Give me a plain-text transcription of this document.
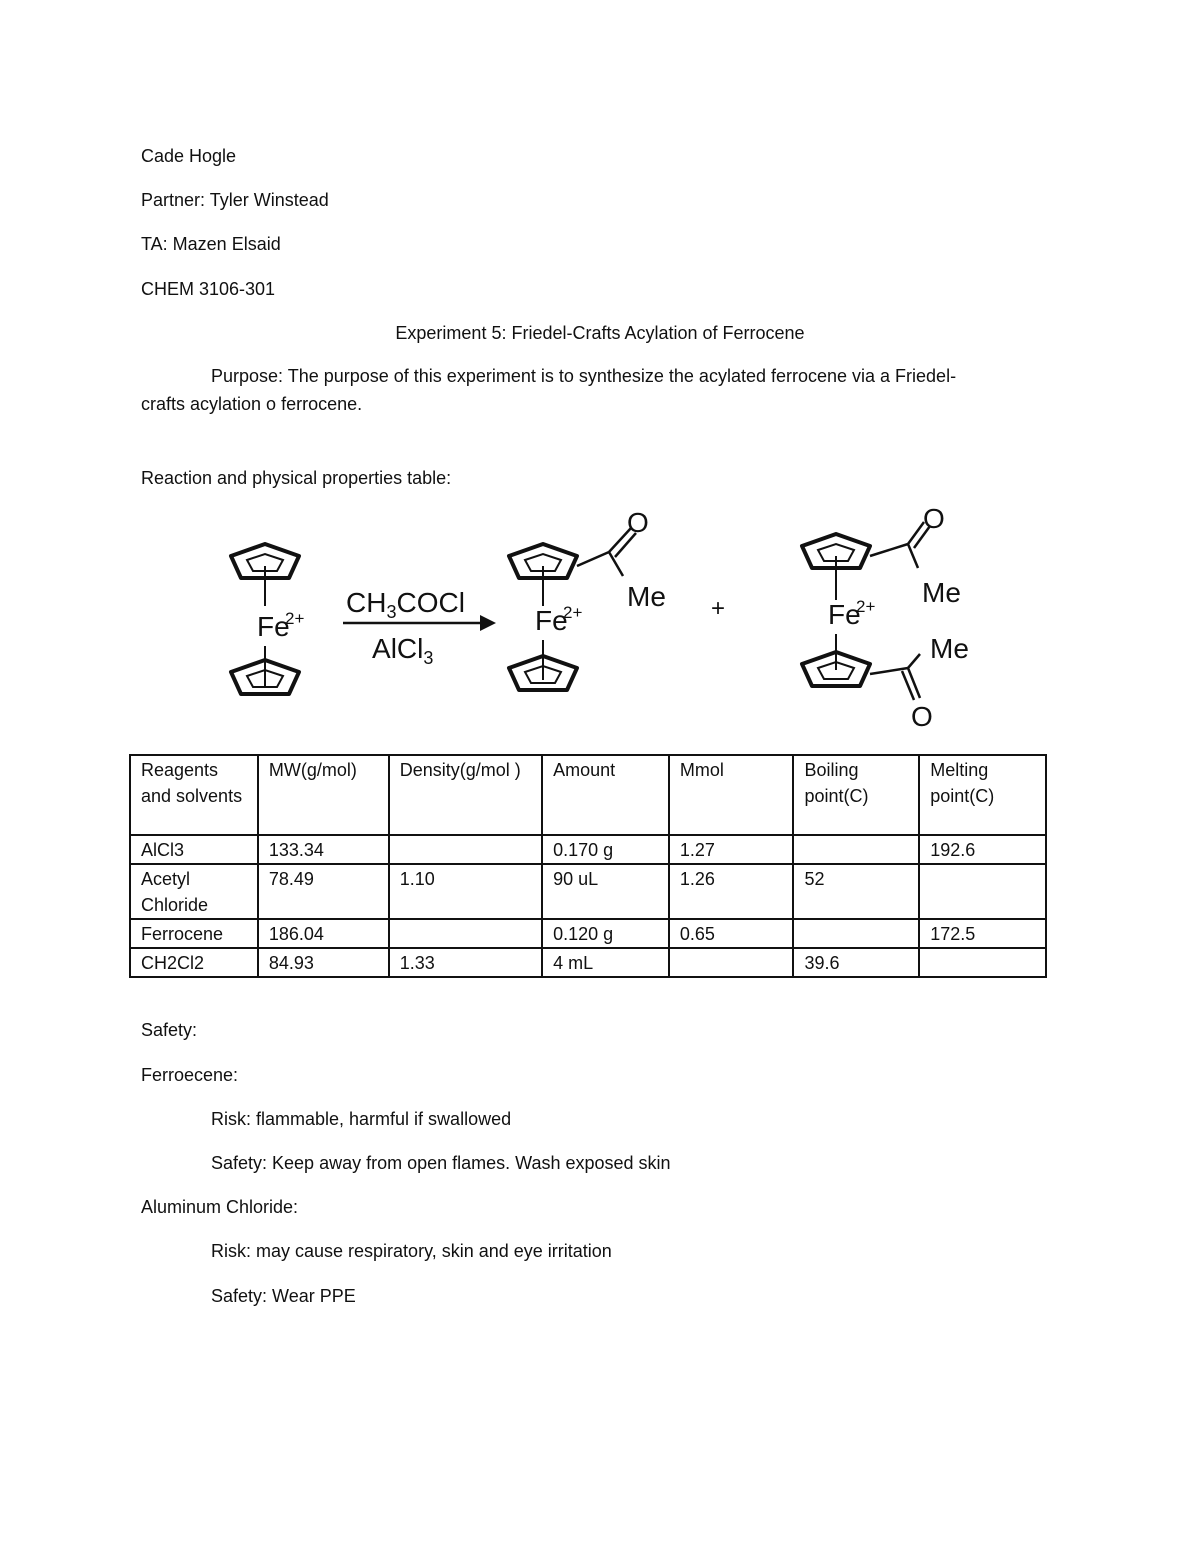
Cade Hogle
Partner: Tyler Winstead
TA: Mazen Elsaid
CHEM 3106-301
Experiment 5: Friedel-Crafts Acylation of Ferrocene
Purpose: The purpose of this experiment is to synthesize the acylated ferrocene via a Friedel-
crafts acylation o ferrocene.
Reaction and physical properties table:
Fe
2+
CH3COCl
AlCl3
O
Me
Fe
2+	+
O
Me
Fe
2+
Me
O
Reagents and solvents	MW(g/mol)	Density(g/mol )	Amount	Mmol	Boiling point(C)	Melting point(C)
AlCl3	133.34		0.170 g	1.27		192.6
Acetyl Chloride	78.49	1.10	90 uL	1.26	52	
Ferrocene	186.04		0.120 g	0.65		172.5
CH2Cl2	84.93	1.33	4 mL		39.6	
Safety:
Ferroecene:
Risk: flammable, harmful if swallowed
Safety: Keep away from open flames. Wash exposed skin
Aluminum Chloride:
Risk: may cause respiratory, skin and eye irritation
Safety: Wear PPE
